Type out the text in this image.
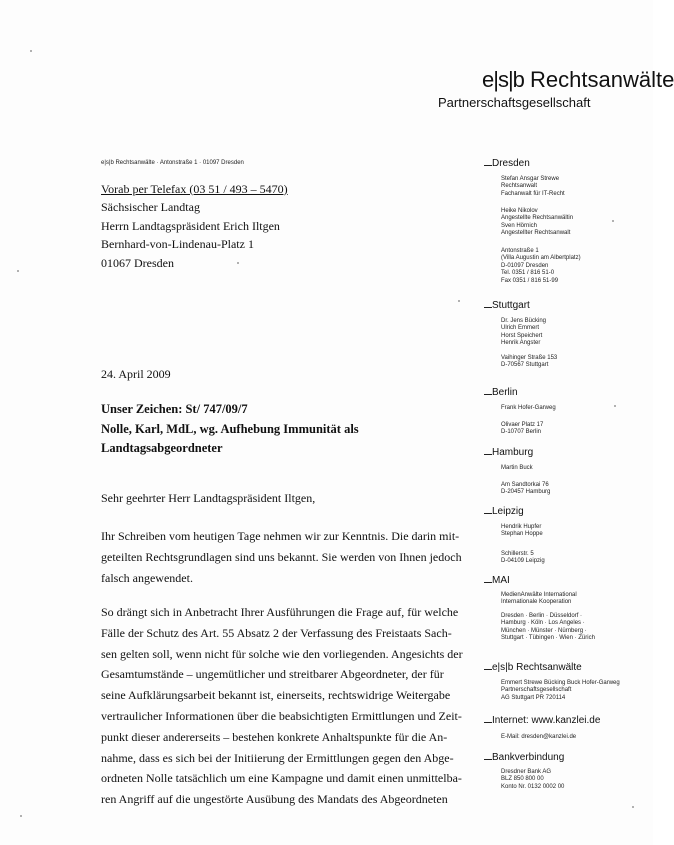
e|s|b Rechtsanwälte
Partnerschaftsgesellschaft
e|s|b Rechtsanwälte · Antonstraße 1 · 01097 Dresden
Vorab per Telefax (03 51 / 493 – 5470)
Sächsischer Landtag
Herrn Landtagspräsident Erich Iltgen
Bernhard-von-Lindenau-Platz 1
01067 Dresden
24. April 2009
Unser Zeichen: St/ 747/09/7
Nolle, Karl, MdL, wg. Aufhebung Immunität als
Landtagsabgeordneter
Sehr geehrter Herr Landtagspräsident Iltgen,
Ihr Schreiben vom heutigen Tage nehmen wir zur Kenntnis. Die darin mit-
geteilten Rechtsgrundlagen sind uns bekannt. Sie werden von Ihnen jedoch
falsch angewendet.
So drängt sich in Anbetracht Ihrer Ausführungen die Frage auf, für welche
Fälle der Schutz des Art. 55 Absatz 2 der Verfassung des Freistaats Sach-
sen gelten soll, wenn nicht für solche wie den vorliegenden. Angesichts der
Gesamtumstände – ungemütlicher und streitbarer Abgeordneter, der für
seine Aufklärungsarbeit bekannt ist, einerseits, rechtswidrige Weitergabe
vertraulicher Informationen über die beabsichtigten Ermittlungen und Zeit-
punkt dieser andererseits – bestehen konkrete Anhaltspunkte für die An-
nahme, dass es sich bei der Initiierung der Ermittlungen gegen den Abge-
ordneten Nolle tatsächlich um eine Kampagne und damit einen unmittelba-
ren Angriff auf die ungestörte Ausübung des Mandats des Abgeordneten
Dresden
Stefan Ansgar Strewe
Rechtsanwalt
Fachanwalt für IT-Recht
Heike Nikolov
Angestellte Rechtsanwältin
Sven Hörnich
Angestellter Rechtsanwalt
Antonstraße 1
(Villa Augustin am Albertplatz)
D-01097 Dresden
Tel. 0351 / 816 51-0
Fax 0351 / 816 51-99
Stuttgart
Dr. Jens Bücking
Ulrich Emmert
Horst Speichert
Henrik Angster
Vaihinger Straße 153
D-70567 Stuttgart
Berlin
Frank Hofer-Garweg
Olivaer Platz 17
D-10707 Berlin
Hamburg
Martin Buck
Am Sandtorkai 76
D-20457 Hamburg
Leipzig
Hendrik Hupfer
Stephan Hoppe
Schillerstr. 5
D-04109 Leipzig
MAI
MedienAnwälte International
Internationale Kooperation
Dresden · Berlin · Düsseldorf ·
Hamburg · Köln · Los Angeles ·
München · Münster · Nürnberg ·
Stuttgart · Tübingen · Wien · Zürich
e|s|b Rechtsanwälte
Emmert Strewe Bücking Buck Hofer-Garweg
Partnerschaftsgesellschaft
AG Stuttgart PR 720114
Internet: www.kanzlei.de
E-Mail: dresden@kanzlei.de
Bankverbindung
Dresdner Bank AG
BLZ 850 800 00
Konto Nr. 0132 0002 00
